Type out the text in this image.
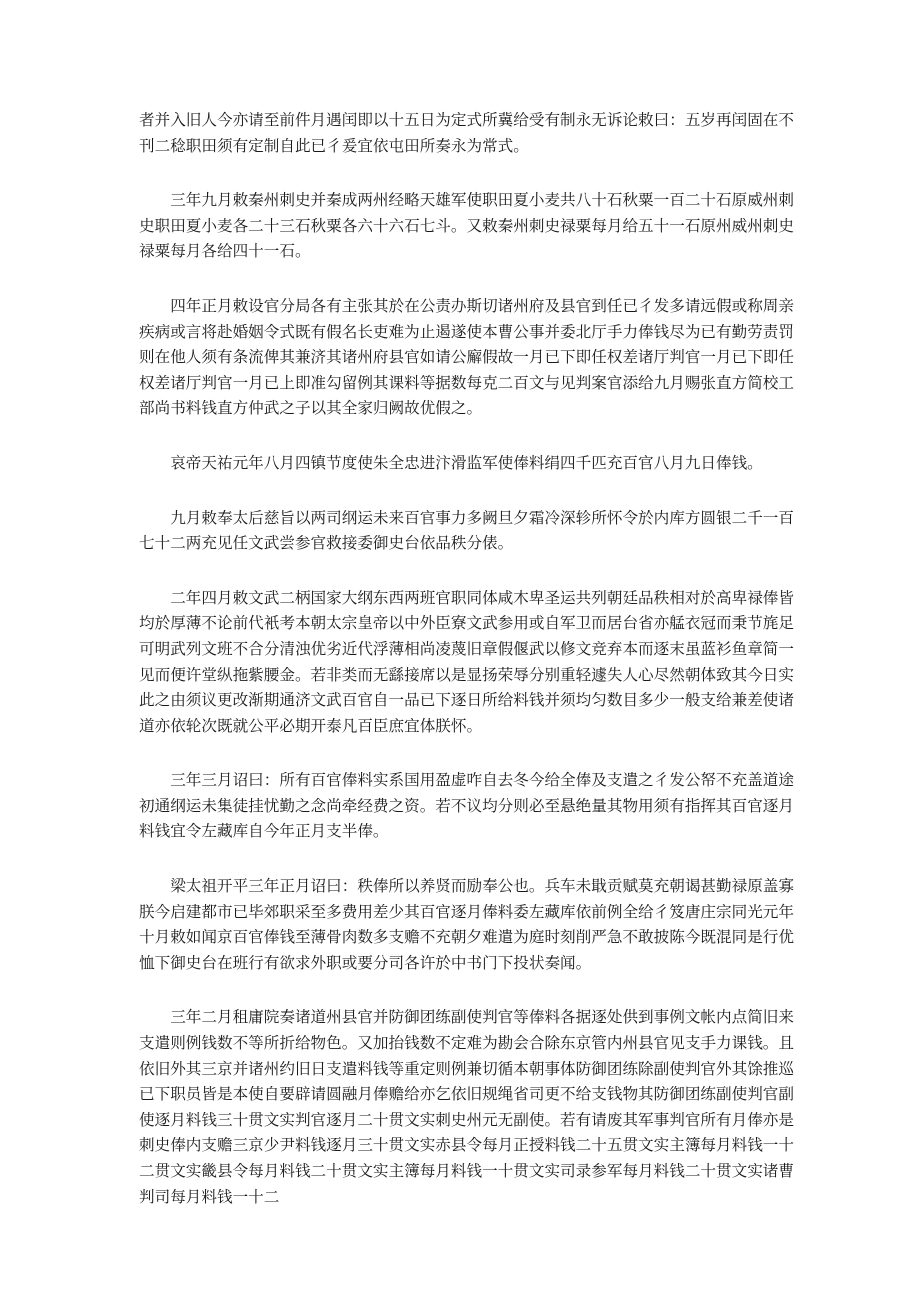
者并入旧人今亦请至前件月遇闰即以十五日为定式所冀给受有制永无诉论敕曰：五岁再闰固在不刊二稔职田须有定制自此已彳爰宜依屯田所奏永为常式。

三年九月敕秦州刺史并秦成两州经略天雄军使职田夏小麦共八十石秋粟一百二十石原威州刺史职田夏小麦各二十三石秋粟各六十六石七斗。又敕秦州刺史禄粟每月给五十一石原州威州刺史禄粟每月各给四十一石。

四年正月敕设官分局各有主张其於在公责办斯切诸州府及县官到任已彳发多请远假或称周亲疾病或言将赴婚姻令式既有假名长吏难为止遏遂使本曹公事并委北厅手力俸钱尽为已有勤劳责罚则在他人须有条流俾其兼济其诸州府县官如请公廨假故一月已下即任权差诸厅判官一月已下即任权差诸厅判官一月已上即准勾留例其课料等据数每克二百文与见判案官添给九月赐张直方简校工部尚书料钱直方仲武之子以其全家归阙故优假之。

哀帝天祐元年八月四镇节度使朱全忠进汴滑监军使俸料绢四千匹充百官八月九日俸钱。

九月敕奉太后慈旨以两司纲运未来百官事力多阙旦夕霜冷深轸所怀令於内库方圆银二千一百七十二两充见任文武尝参官救接委御史台依品秩分俵。

二年四月敕文武二柄国家大纲东西两班官职同体咸木卑圣运共列朝廷品秩相对於高卑禄俸皆均於厚薄不论前代衹考本朝太宗皇帝以中外臣寮文武参用或自军卫而居台省亦艋衣冠而秉节旄足可明武列文班不合分清浊优劣近代浮薄相尚凌蔑旧章假偃武以修文竞弃本而逐末虽蓝衫鱼章简一见而便许堂纵拖紫腰金。若非类而无繇接席以是显扬荣辱分别重轻遽失人心尽然朝体致其今日实此之由须议更改渐期通济文武百官自一品已下逐日所给料钱并须均匀数目多少一般支给兼差使诸道亦依轮次既就公平必期开泰凡百臣庶宜体朕怀。

三年三月诏曰：所有百官俸料实系国用盈虚咋自去冬今给全俸及支遣之彳发公帑不充盖道途初通纲运未集徒挂忧勤之念尚牵经费之资。若不议均分则必至悬绝量其物用须有指挥其百官逐月料钱宜令左藏库自今年正月支半俸。

梁太祖开平三年正月诏曰：秩俸所以养贤而励奉公也。兵车未戢贡赋莫充朝谒甚勤禄原盖寡朕今启建都市已毕郊职采至多费用差少其百官逐月俸料委左藏库依前例全给彳笈唐庄宗同光元年十月敕如闻京百官俸钱至薄骨肉数多支赡不充朝夕难遣为庭时刻削严急不敢披陈今既混同是行优恤下御史台在班行有欲求外职或要分司各许於中书门下投状奏闻。

三年二月租庸院奏诸道州县官并防御团练副使判官等俸料各据逐处供到事例文帐内点简旧来支遣则例钱数不等所折给物色。又加抬钱数不定难为勘会合除东京管内州县官见支手力课钱。且依旧外其三京并诸州约旧日支遣料钱等重定则例兼切循本朝事体防御团练除副使判官外其馀推巡已下职员皆是本使自要辟请圆融月俸赡给亦乞依旧规绳省司更不给支钱物其防御团练副使判官副使逐月料钱三十贯文实判官逐月二十贯文实刺史州元无副使。若有请废其军事判官所有月俸亦是刺史俸内支赡三京少尹料钱逐月三十贯文实赤县令每月正授料钱二十五贯文实主簿每月料钱一十二贯文实畿县令每月料钱二十贯文实主簿每月料钱一十贯文实司录参军每月料钱二十贯文实诸曹判司每月料钱一十二
